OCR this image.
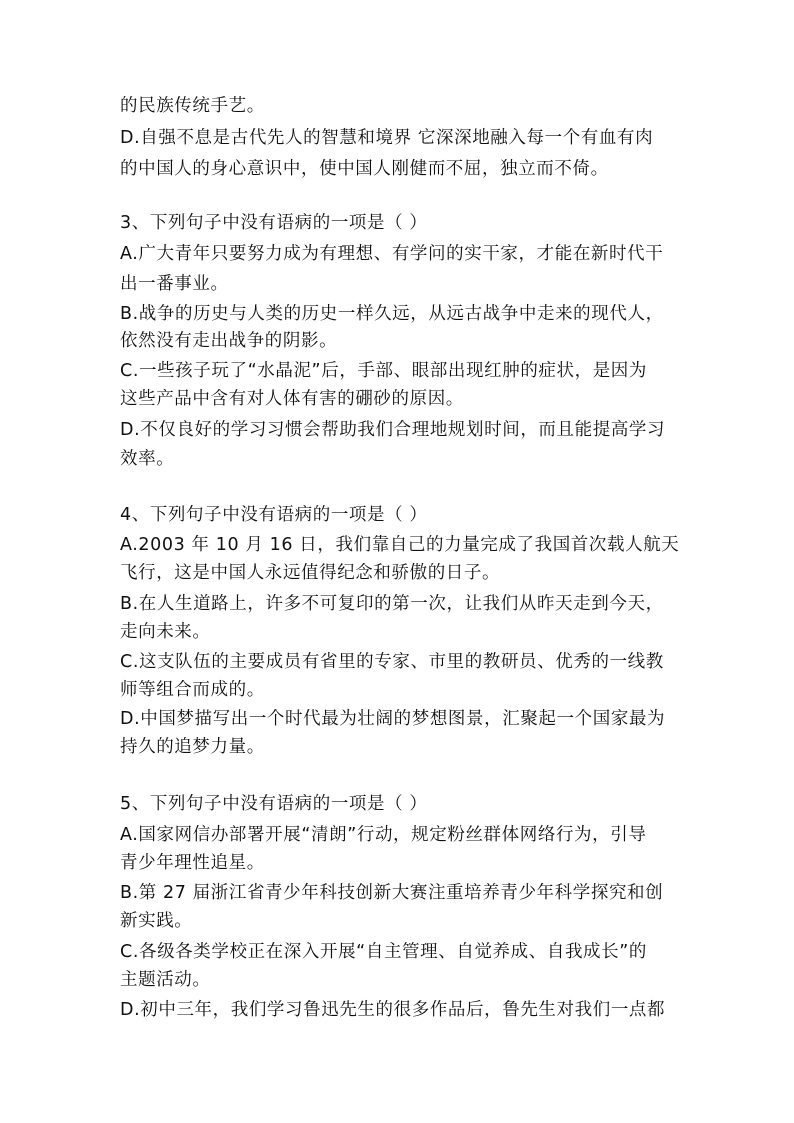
的民族传统手艺。
D.自强不息是古代先人的智慧和境界 它深深地融入每一个有血有肉
的中国人的身心意识中，使中国人刚健而不屈，独立而不倚。
3、下列句子中没有语病的一项是（ ）
A.广大青年只要努力成为有理想、有学问的实干家，才能在新时代干
出一番事业。
B.战争的历史与人类的历史一样久远，从远古战争中走来的现代人，
依然没有走出战争的阴影。
C.一些孩子玩了“水晶泥”后，手部、眼部出现红肿的症状，是因为
这些产品中含有对人体有害的硼砂的原因。
D.不仅良好的学习习惯会帮助我们合理地规划时间，而且能提高学习
效率。
4、下列句子中没有语病的一项是（ ）
A.2003 年 10 月 16 日，我们靠自己的力量完成了我国首次载人航天
飞行，这是中国人永远值得纪念和骄傲的日子。
B.在人生道路上，许多不可复印的第一次，让我们从昨天走到今天，
走向未来。
C.这支队伍的主要成员有省里的专家、市里的教研员、优秀的一线教
师等组合而成的。
D.中国梦描写出一个时代最为壮阔的梦想图景，汇聚起一个国家最为
持久的追梦力量。
5、下列句子中没有语病的一项是（ ）
A.国家网信办部署开展“清朗”行动，规定粉丝群体网络行为，引导
青少年理性追星。
B.第 27 届浙江省青少年科技创新大赛注重培养青少年科学探究和创
新实践。
C.各级各类学校正在深入开展“自主管理、自觉养成、自我成长”的
主题活动。
D.初中三年，我们学习鲁迅先生的很多作品后，鲁先生对我们一点都
